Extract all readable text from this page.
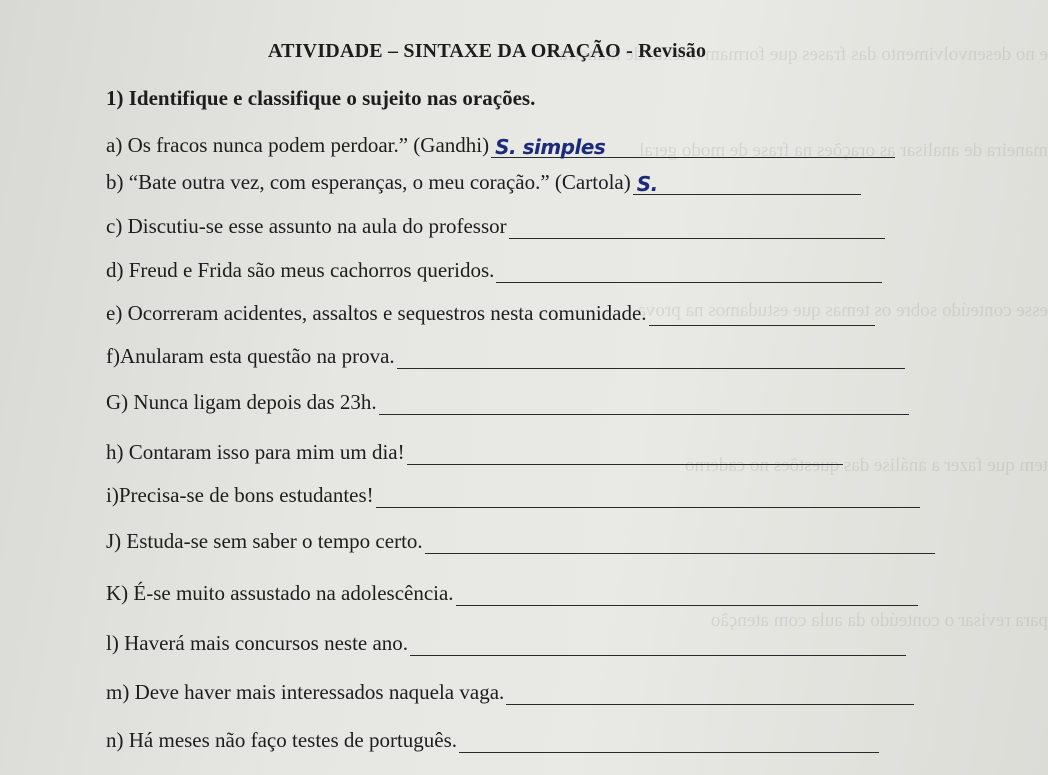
e no desenvolvimento das frases que formam o texto de maneira
maneira de analisar as orações na frase de modo geral
esse conteúdo sobre os temas que estudamos na prova
tem que fazer a análise das questões no caderno
para revisar o conteúdo da aula com atenção
ATIVIDADE – SINTAXE DA ORAÇÃO - Revisão
1) Identifique e classifique o sujeito nas orações.
a) Os fracos nunca podem perdoar.” (Gandhi) S. simples
b) “Bate outra vez, com esperanças, o meu coração.” (Cartola) S.
c) Discutiu-se esse assunto na aula do professor
d) Freud e Frida são meus cachorros queridos.
e) Ocorreram acidentes, assaltos e sequestros nesta comunidade.
f)Anularam esta questão na prova.
G) Nunca ligam depois das 23h.
h) Contaram isso para mim um dia!
i)Precisa-se de bons estudantes!
J) Estuda-se sem saber o tempo certo.
K) É-se muito assustado na adolescência.
l) Haverá mais concursos neste ano.
m) Deve haver mais interessados naquela vaga.
n) Há meses não faço testes de português.
